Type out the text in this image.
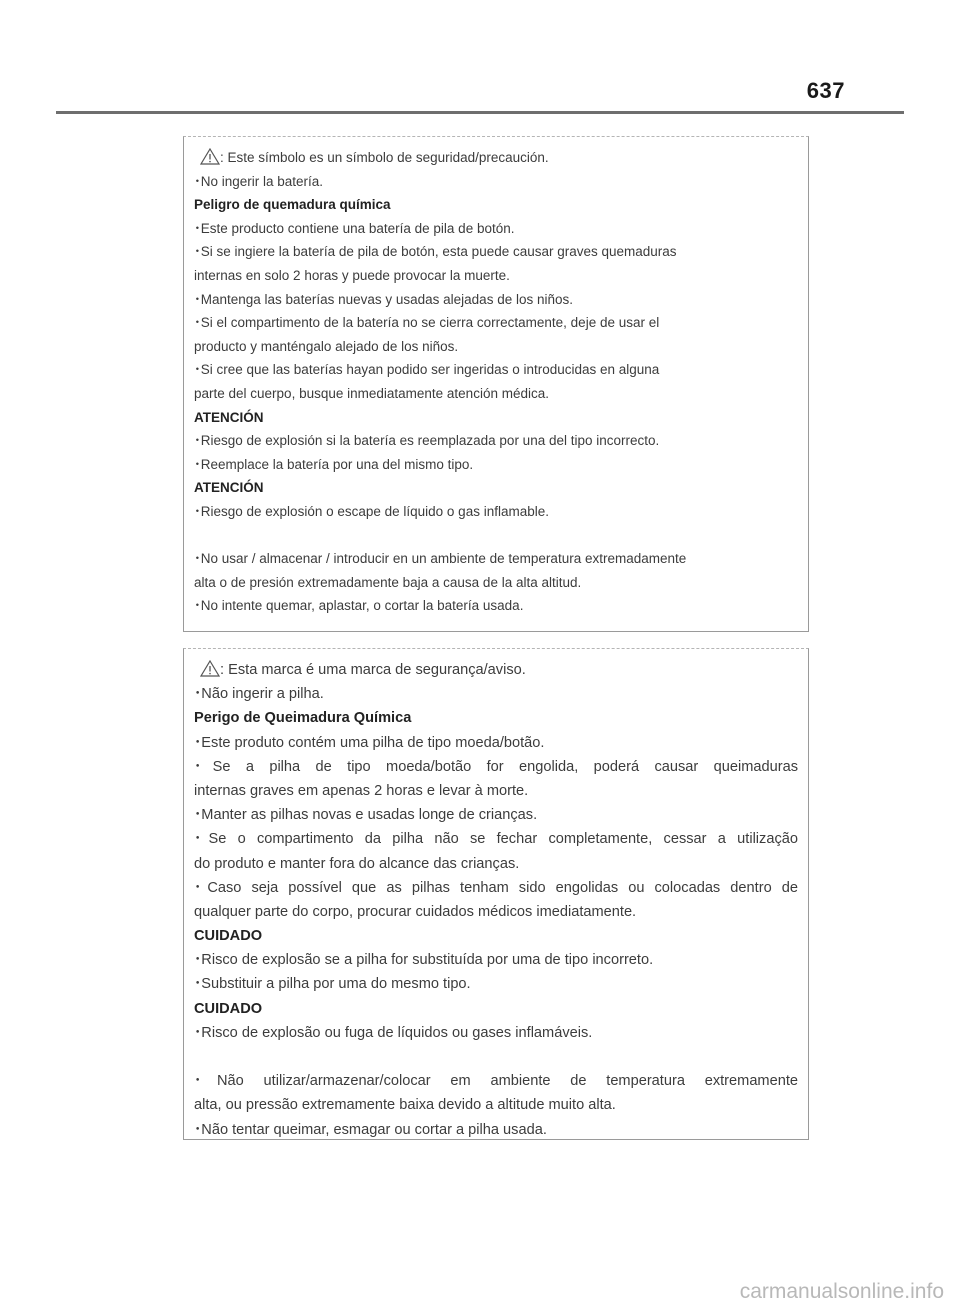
637
: Este símbolo es un símbolo de seguridad/precaución.
･No ingerir la batería.
Peligro de quemadura química
･Este producto contiene una batería de pila de botón.
･Si se ingiere la batería de pila de botón, esta puede causar graves quemaduras
internas en solo 2 horas y puede provocar la muerte.
･Mantenga las baterías nuevas y usadas alejadas de los niños.
･Si el compartimento de la batería no se cierra correctamente, deje de usar el
producto y manténgalo alejado de los niños.
･Si cree que las baterías hayan podido ser ingeridas o introducidas en alguna
parte del cuerpo, busque inmediatamente atención médica.
ATENCIÓN
･Riesgo de explosión si la batería es reemplazada por una del tipo incorrecto.
･Reemplace la batería por una del mismo tipo.
ATENCIÓN
･Riesgo de explosión o escape de líquido o gas inflamable.
･No usar / almacenar / introducir en un ambiente de temperatura extremadamente
alta o de presión extremadamente baja a causa de la alta altitud.
･No intente quemar, aplastar, o cortar la batería usada.
: Esta marca é uma marca de segurança/aviso.
･Não ingerir a pilha.
Perigo de Queimadura Química
･Este produto contém uma pilha de tipo moeda/botão.
･Se a pilha de tipo moeda/botão for engolida, poderá causar queimaduras
internas graves em apenas 2 horas e levar à morte.
･Manter as pilhas novas e usadas longe de crianças.
･Se o compartimento da pilha não se fechar completamente, cessar a utilização
do produto e manter fora do alcance das crianças.
･Caso seja possível que as pilhas tenham sido engolidas ou colocadas dentro de
qualquer parte do corpo, procurar cuidados médicos imediatamente.
CUIDADO
･Risco de explosão se a pilha for substituída por uma de tipo incorreto.
･Substituir a pilha por uma do mesmo tipo.
CUIDADO
･Risco de explosão ou fuga de líquidos ou gases inflamáveis.
･Não utilizar/armazenar/colocar em ambiente de temperatura extremamente
alta, ou pressão extremamente baixa devido a altitude muito alta.
･Não tentar queimar, esmagar ou cortar a pilha usada.
carmanualsonline.info
